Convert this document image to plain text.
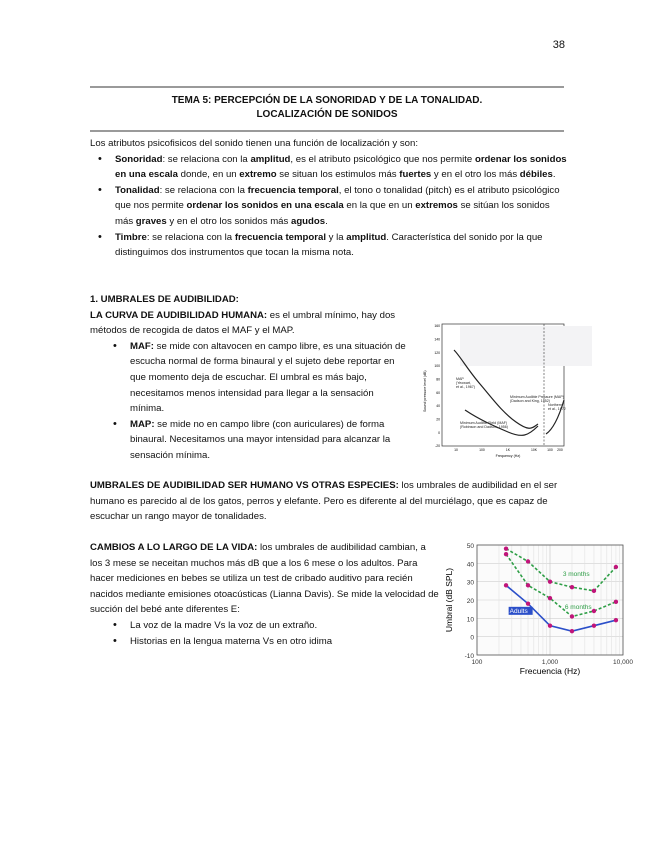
38
TEMA 5: PERCEPCIÓN DE LA SONORIDAD Y DE LA TONALIDAD.
LOCALIZACIÓN DE SONIDOS
Los atributos psicofisicos del sonido tienen una función de localización y son:
• Sonoridad: se relaciona con la amplitud, es el atributo psicológico que nos permite ordenar los sonidos en una escala donde, en un extremo se situan los estimulos más fuertes y en el otro los más débiles.
• Tonalidad: se relaciona con la frecuencia temporal, el tono o tonalidad (pitch) es el atributo psicológico que nos permite ordenar los sonidos en una escala en la que en un extremos se sitúan los sonidos más graves y en el otro los sonidos más agudos.
• Timbre: se relaciona con la frecuencia temporal y la amplitud. Característica del sonido por la que distinguimos dos instrumentos que tocan la misma nota.
1. UMBRALES DE AUDIBILIDAD:
LA CURVA DE AUDIBILIDAD HUMANA: es el umbral mínimo, hay dos métodos de recogida de datos el MAF y el MAP.
• MAF: se mide con altavocen en campo libre, es una situación de escucha normal de forma binaural y el sujeto debe reportar en que momento deja de escuchar. El umbral es más bajo, necesitamos menos intensidad para llegar a la sensación mínima.
• MAP: se mide no en campo libre (con auriculares) de forma binaural. Necesitamos una mayor intensidad para alcanzar la sensación mínima.
Sound pressure level (dB)
160
140
120
100
80
60
40
20
0
-20
10	100	1K	10K	100 200
Frequency (Hz)
MAP
(Yeowart,
et al., 1967)
Minimum Audible Pressure (MAP)
(Dadson and King, 1952)
Minimum Audible Field (MAF)
(Robinson and Dadson, 1956)
Northern
et al., 1972
UMBRALES DE AUDIBILIDAD SER HUMANO VS OTRAS ESPECIES: los umbrales de audibilidad en el ser humano es parecido al de los gatos, perros y elefante. Pero es diferente al del murciélago, que es capaz de escuchar un rango mayor de tonalidades.
CAMBIOS A LO LARGO DE LA VIDA: los umbrales de audibilidad cambian, a los 3 mese se neceitan muchos más dB que a los 6 mese o los adultos. Para hacer mediciones en bebes se utiliza un test de cribado auditivo para recién nacidos mediante emisiones otoacústicas (Lianna Davis). Se mide la velocidad de succión del bebé ante diferentes E:
• La voz de la madre Vs la voz de un extraño.
• Historias en la lengua materna Vs en otro idima
-10
0
10
20
30
40
50
100	1,000	10,000
Umbral (dB SPL)
Frecuencia (Hz)
3 months
6 months
Adults
